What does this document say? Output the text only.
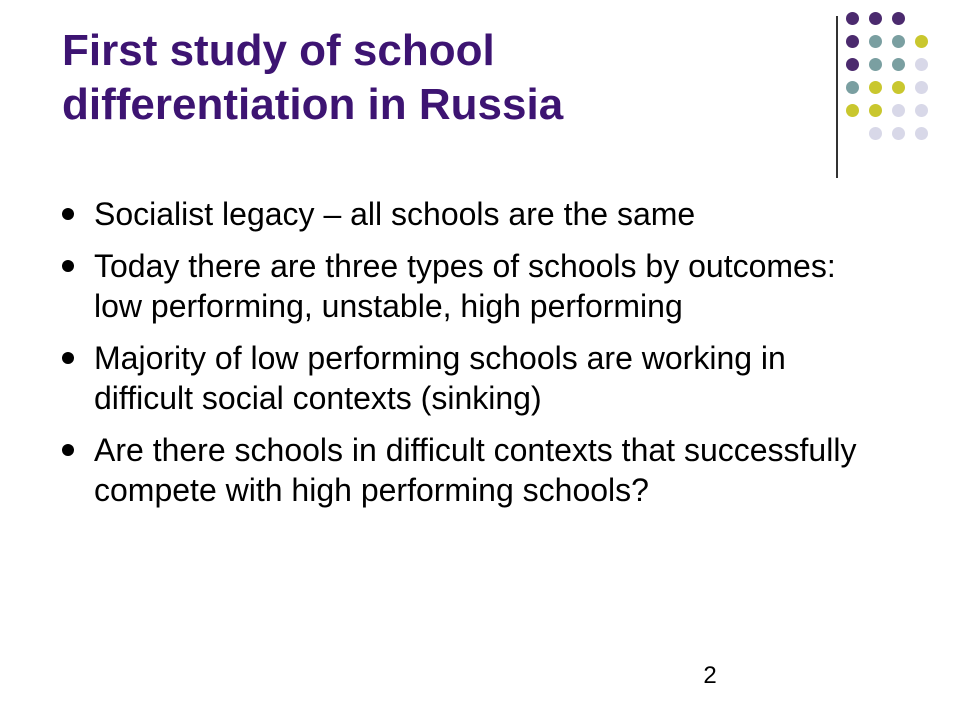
First study of school differentiation in Russia
Socialist legacy – all schools are the same
Today there are three types of schools by outcomes: low performing, unstable, high performing
Majority of low performing schools are working in difficult social contexts (sinking)
Are there schools in difficult contexts that successfully compete with high performing schools?
2
